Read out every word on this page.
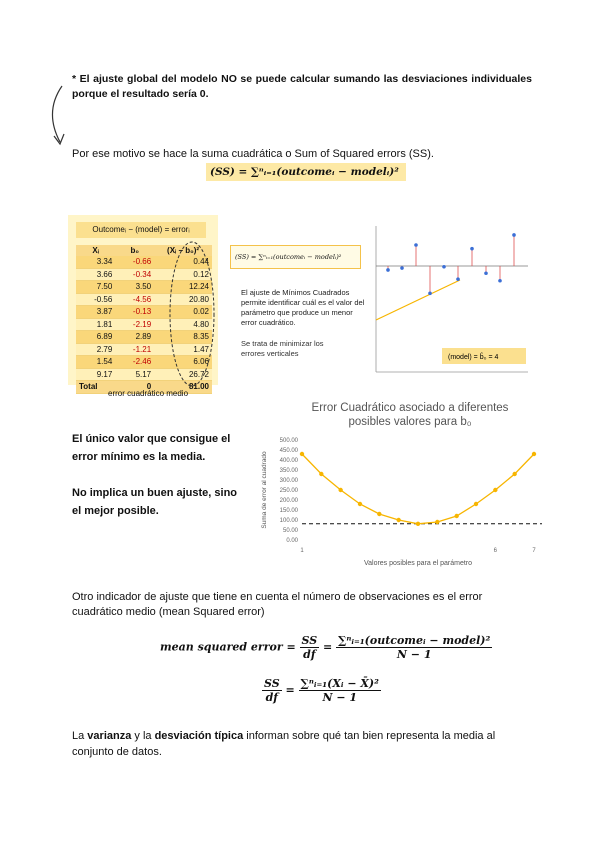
* El ajuste global del modelo NO se puede calcular sumando las desviaciones individuales porque el resultado sería 0.
Por ese motivo se hace la suma cuadrática o Sum of Squared errors (SS).
(SS) = ∑ⁿᵢ₌₁(outcomeᵢ − modelᵢ)²
Xᵢ	b₀	(Xᵢ − b₀)²
3.34	-0.66	0.44
3.66	-0.34	0.12
7.50	3.50	12.24
-0.56	-4.56	20.80
3.87	-0.13	0.02
1.81	-2.19	4.80
6.89	2.89	8.35
2.79	-1.21	1.47
1.54	-2.46	6.06
9.17	5.17	26.72
Total	0	81.00
Outcomeᵢ − (model) = errorᵢ
error cuadrático medio
(SS) = ∑ⁿᵢ₌₁(outcomeᵢ − modelᵢ)²
El ajuste de Mínimos Cuadrados permite identificar cuál es el valor del parámetro que produce un menor error cuadrático.
Se trata de minimizar los errores verticales	(model) = b̂₀ = 4
El único valor que consigue el error mínimo es la media.
No implica un buen ajuste, sino el mejor posible.
Error Cuadrático asociado a diferentes posibles valores para b₀
0.00
50.00
100.00
150.00
200.00
250.00
300.00
350.00
400.00
450.00
500.00
1	6	7
Valores posibles para el parámetro
Suma de error al cuadrado
Otro indicador de ajuste que tiene en cuenta el número de observaciones es el error cuadrático medio (mean Squared error)
mean squared error = $\frac{SS}{df} = \frac{\text{∑ⁿᵢ₌₁(outcomeᵢ − model)²}}{N - 1}$
$\frac{SS}{df} = \frac{\text{∑ⁿᵢ₌₁(Xᵢ − X̄)²}}{N - 1}$
La varianza y la desviación típica informan sobre qué tan bien representa la media al conjunto de datos.
